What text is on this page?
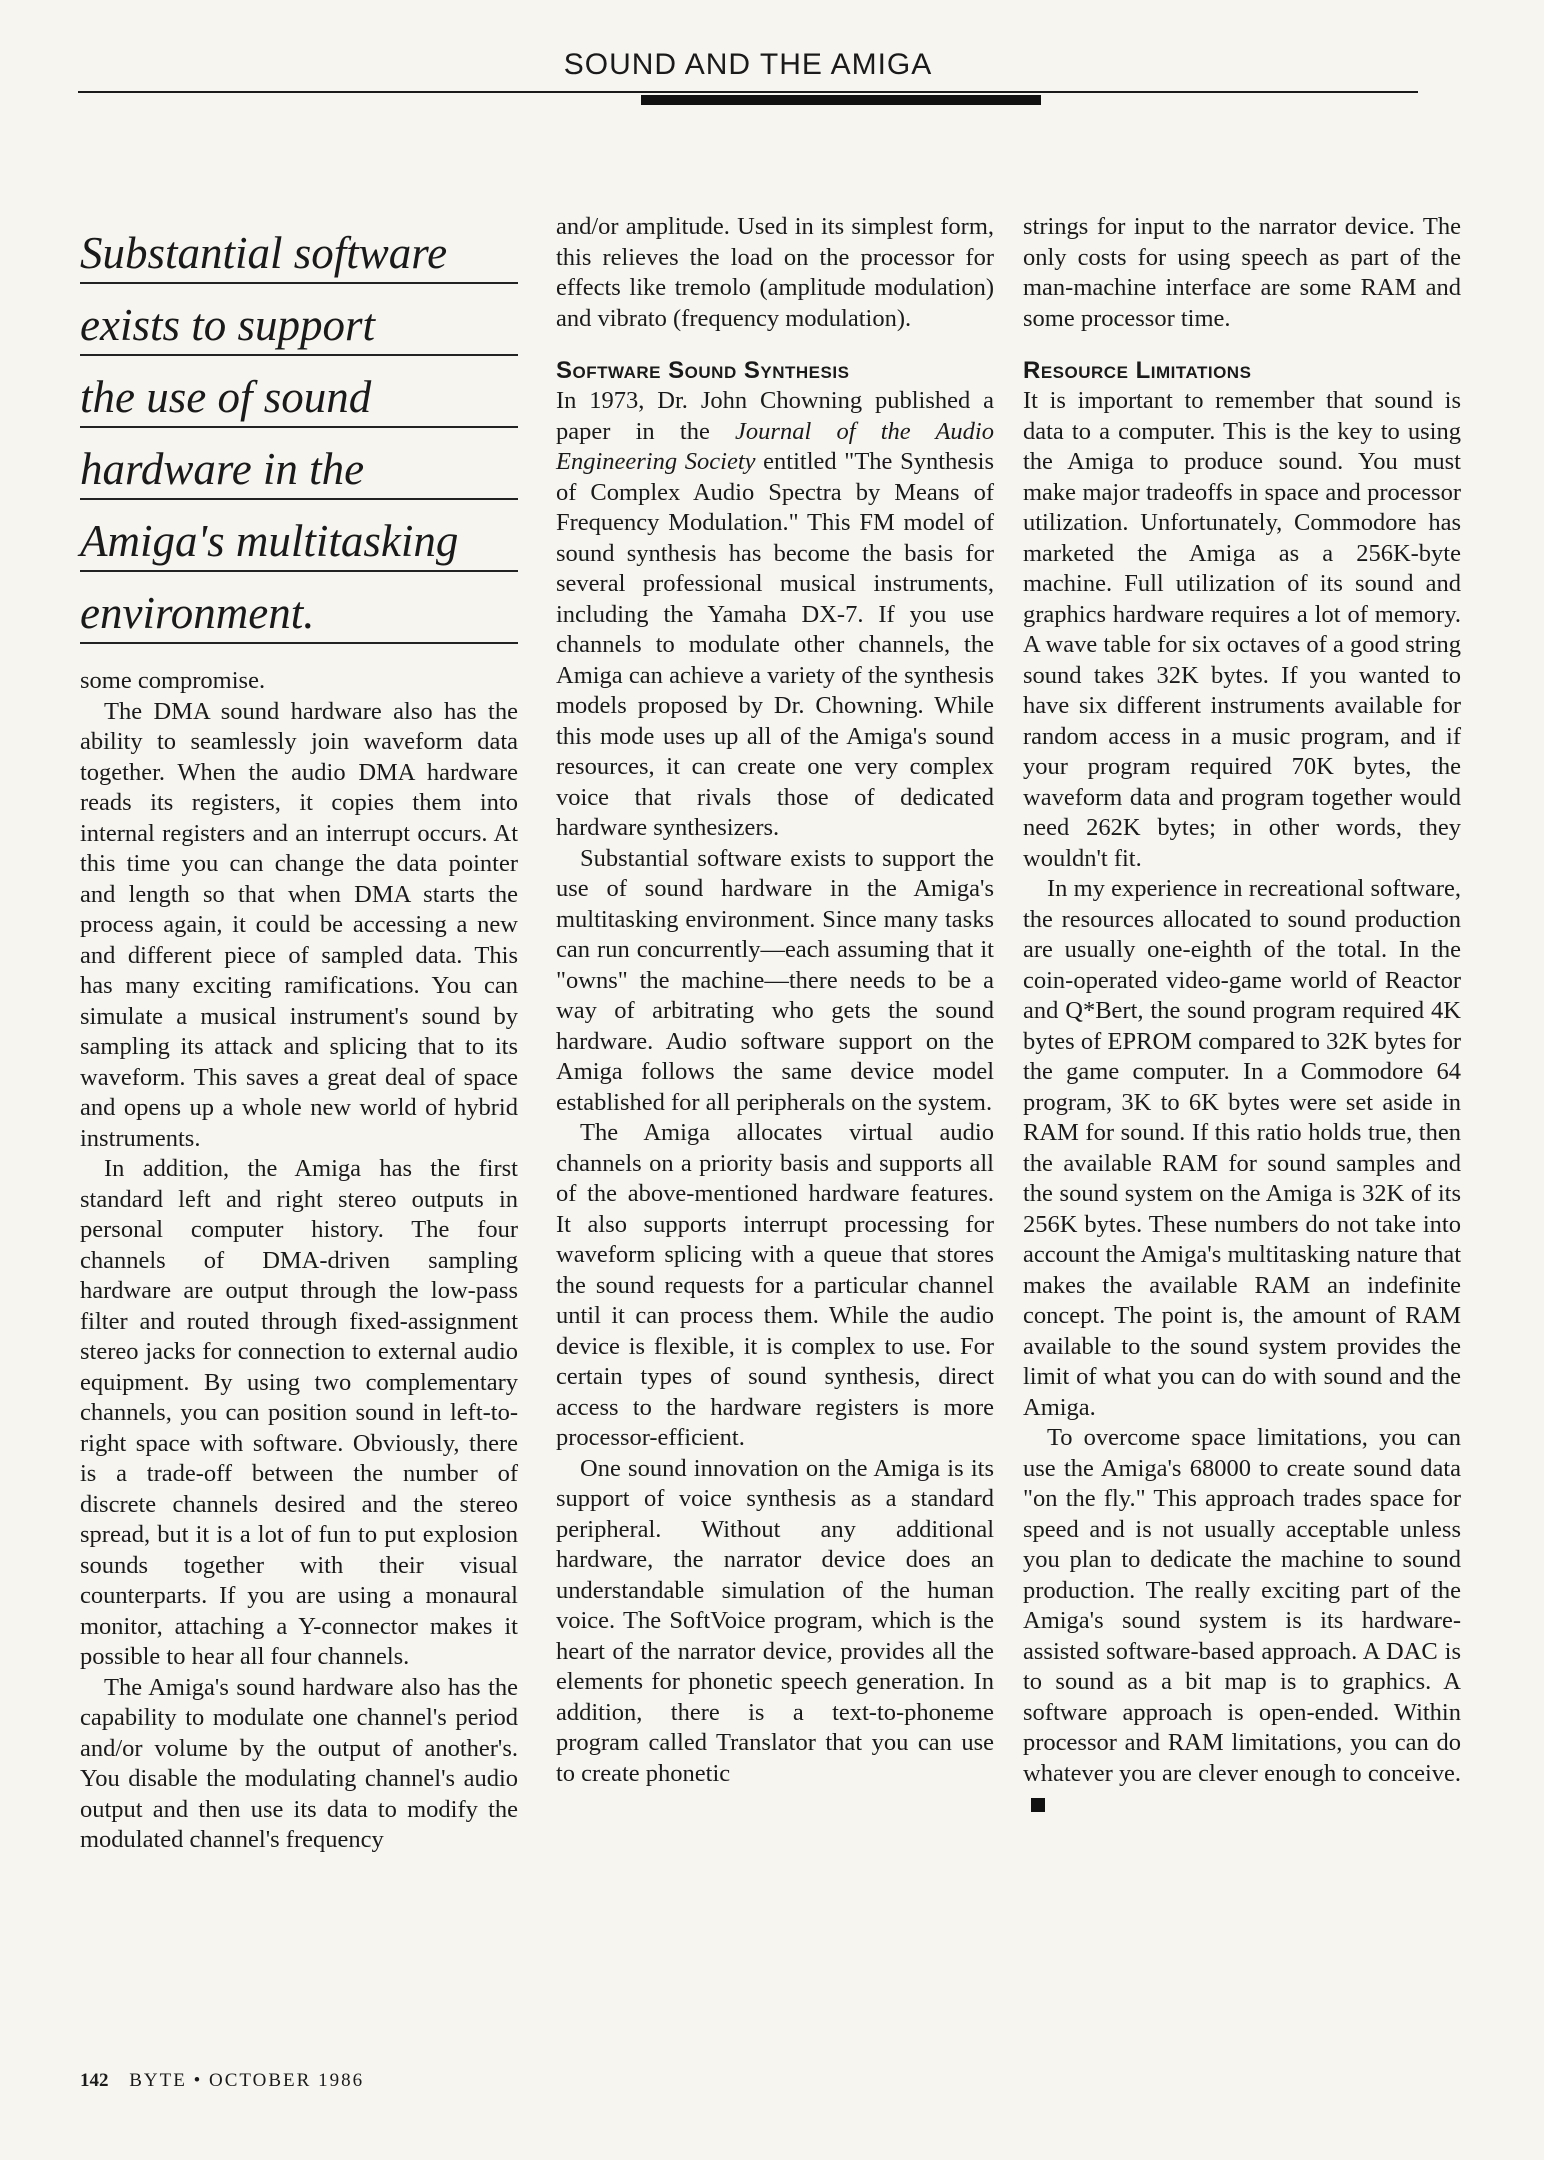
SOUND AND THE AMIGA
Substantial software
exists to support
the use of sound
hardware in the
Amiga's multitasking
environment.

some compromise.

The DMA sound hardware also has the ability to seamlessly join waveform data together. When the audio DMA hardware reads its registers, it copies them into internal registers and an interrupt occurs. At this time you can change the data pointer and length so that when DMA starts the process again, it could be accessing a new and different piece of sampled data. This has many exciting ramifications. You can simulate a musical instrument's sound by sampling its attack and splicing that to its waveform. This saves a great deal of space and opens up a whole new world of hybrid instruments.

In addition, the Amiga has the first standard left and right stereo outputs in personal computer history. The four channels of DMA-driven sampling hardware are output through the low-pass filter and routed through fixed-assignment stereo jacks for connection to external audio equipment. By using two complementary channels, you can position sound in left-to-right space with software. Obviously, there is a trade-off between the number of discrete channels desired and the stereo spread, but it is a lot of fun to put explosion sounds together with their visual counterparts. If you are using a monaural monitor, attaching a Y-connector makes it possible to hear all four channels.

The Amiga's sound hardware also has the capability to modulate one channel's period and/or volume by the output of another's. You disable the modulating channel's audio output and then use its data to modify the modulated channel's frequency

and/or amplitude. Used in its simplest form, this relieves the load on the processor for effects like tremolo (amplitude modulation) and vibrato (frequency modulation).

Software Sound Synthesis

In 1973, Dr. John Chowning published a paper in the Journal of the Audio Engineering Society entitled "The Synthesis of Complex Audio Spectra by Means of Frequency Modulation." This FM model of sound synthesis has become the basis for several professional musical instruments, including the Yamaha DX-7. If you use channels to modulate other channels, the Amiga can achieve a variety of the synthesis models proposed by Dr. Chowning. While this mode uses up all of the Amiga's sound resources, it can create one very complex voice that rivals those of dedicated hardware synthesizers.

Substantial software exists to support the use of sound hardware in the Amiga's multitasking environment. Since many tasks can run concurrently—each assuming that it "owns" the machine—there needs to be a way of arbitrating who gets the sound hardware. Audio software support on the Amiga follows the same device model established for all peripherals on the system.

The Amiga allocates virtual audio channels on a priority basis and supports all of the above-mentioned hardware features. It also supports interrupt processing for waveform splicing with a queue that stores the sound requests for a particular channel until it can process them. While the audio device is flexible, it is complex to use. For certain types of sound synthesis, direct access to the hardware registers is more processor-efficient.

One sound innovation on the Amiga is its support of voice synthesis as a standard peripheral. Without any additional hardware, the narrator device does an understandable simulation of the human voice. The SoftVoice program, which is the heart of the narrator device, provides all the elements for phonetic speech generation. In addition, there is a text-to-phoneme program called Translator that you can use to create phonetic

strings for input to the narrator device. The only costs for using speech as part of the man-machine interface are some RAM and some processor time.

Resource Limitations

It is important to remember that sound is data to a computer. This is the key to using the Amiga to produce sound. You must make major tradeoffs in space and processor utilization. Unfortunately, Commodore has marketed the Amiga as a 256K-byte machine. Full utilization of its sound and graphics hardware requires a lot of memory. A wave table for six octaves of a good string sound takes 32K bytes. If you wanted to have six different instruments available for random access in a music program, and if your program required 70K bytes, the waveform data and program together would need 262K bytes; in other words, they wouldn't fit.

In my experience in recreational software, the resources allocated to sound production are usually one-eighth of the total. In the coin-operated video-game world of Reactor and Q*Bert, the sound program required 4K bytes of EPROM compared to 32K bytes for the game computer. In a Commodore 64 program, 3K to 6K bytes were set aside in RAM for sound. If this ratio holds true, then the available RAM for sound samples and the sound system on the Amiga is 32K of its 256K bytes. These numbers do not take into account the Amiga's multitasking nature that makes the available RAM an indefinite concept. The point is, the amount of RAM available to the sound system provides the limit of what you can do with sound and the Amiga.

To overcome space limitations, you can use the Amiga's 68000 to create sound data "on the fly." This approach trades space for speed and is not usually acceptable unless you plan to dedicate the machine to sound production. The really exciting part of the Amiga's sound system is its hardware-assisted software-based approach. A DAC is to sound as a bit map is to graphics. A software approach is open-ended. Within processor and RAM limitations, you can do whatever you are clever enough to conceive.

142 BYTE • OCTOBER 1986
